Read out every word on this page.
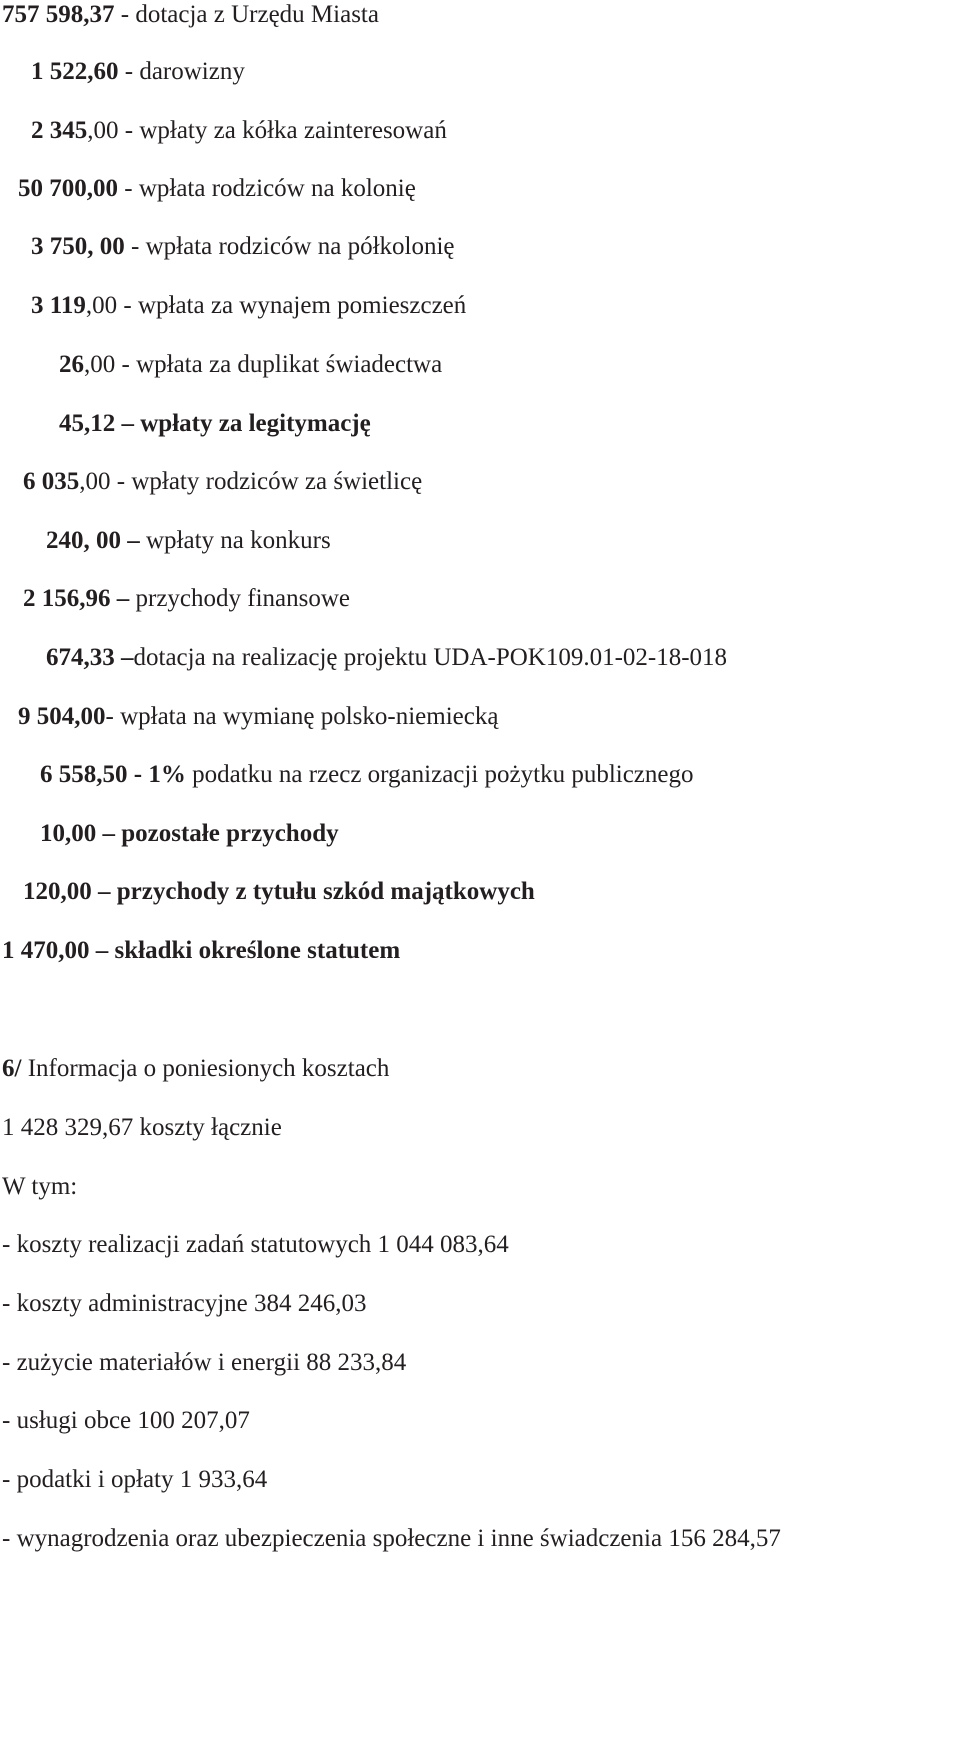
757 598,37 - dotacja z Urzędu Miasta
1 522,60 - darowizny
2 345,00 - wpłaty za kółka zainteresowań
50 700,00 - wpłata rodziców na kolonię
3 750, 00 - wpłata rodziców na półkolonię
3 119,00 - wpłata za wynajem pomieszczeń
26,00 - wpłata za duplikat świadectwa
45,12 – wpłaty za legitymację
6 035,00 - wpłaty rodziców za świetlicę
240, 00 – wpłaty na konkurs
2 156,96 – przychody finansowe
674,33 –dotacja na realizację projektu UDA-POK109.01-02-18-018
9 504,00- wpłata na wymianę polsko-niemiecką
6 558,50 - 1% podatku na rzecz organizacji pożytku publicznego
10,00 – pozostałe przychody
120,00 – przychody z tytułu szkód majątkowych
1 470,00 – składki określone statutem
6/ Informacja o poniesionych kosztach
1 428 329,67 koszty łącznie
W tym:
- koszty realizacji zadań statutowych 1 044 083,64
- koszty administracyjne 384 246,03
- zużycie materiałów i energii 88 233,84
- usługi obce 100 207,07
- podatki i opłaty 1 933,64
- wynagrodzenia oraz ubezpieczenia społeczne i inne świadczenia 156 284,57
